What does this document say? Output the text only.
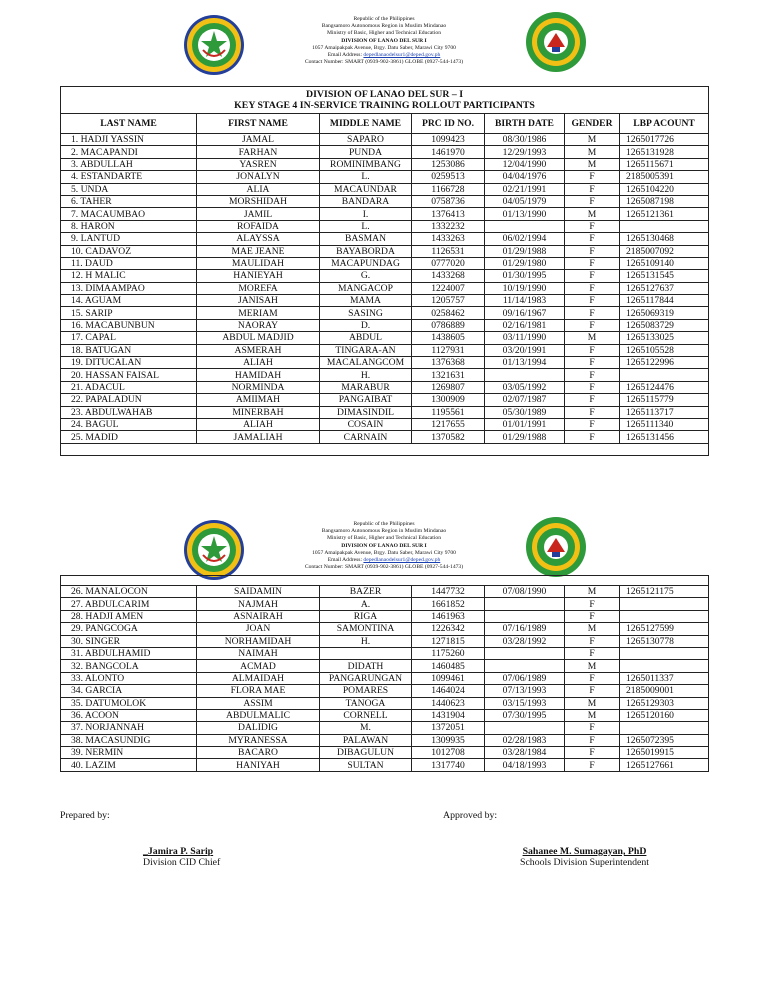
Republic of the Philippines
Bangsamoro Autonomous Region in Muslim Mindanao
Ministry of Basic, Higher and Technical Education
DIVISION OF LANAO DEL SUR I
1057 Amaipakpak Avenue, Brgy. Datu Saber, Marawi City 9700
Email Address: depedlanaodelsur1@deped.gov.ph
Contact Number: SMART (0939-902-3861) GLOBE (0927-544-1473)
DIVISION OF LANAO DEL SUR – I
KEY STAGE 4 IN-SERVICE TRAINING ROLLOUT PARTICIPANTS						

LAST NAME	FIRST NAME	MIDDLE NAME	PRC ID NO.	BIRTH DATE	GENDER	LBP ACOUNT
1. HADJI YASSIN	JAMAL	SAPARO	1099423	08/30/1986	M	1265017726
2. MACAPANDI	FARHAN	PUNDA	1461970	12/29/1993	M	1265131928
3. ABDULLAH	YASREN	ROMINIMBANG	1253086	12/04/1990	M	1265115671
4. ESTANDARTE	JONALYN	L.	0259513	04/04/1976	F	2185005391
5. UNDA	ALIA	MACAUNDAR	1166728	02/21/1991	F	1265104220
6. TAHER	MORSHIDAH	BANDARA	0758736	04/05/1979	F	1265087198
7. MACAUMBAO	JAMIL	I.	1376413	01/13/1990	M	1265121361
8. HARON	ROFAIDA	L.	1332232		F	
9. LANTUD	ALAYSSA	BASMAN	1433263	06/02/1994	F	1265130468
10. CADAVOZ	MAE JEANE	BAYABORDA	1126531	01/29/1988	F	2185007092
11. DAUD	MAULIDAH	MACAPUNDAG	0777020	01/29/1980	F	1265109140
12. H MALIC	HANIEYAH	G.	1433268	01/30/1995	F	1265131545
13. DIMAAMPAO	MOREFA	MANGACOP	1224007	10/19/1990	F	1265127637
14. AGUAM	JANISAH	MAMA	1205757	11/14/1983	F	1265117844
15. SARIP	MERIAM	SASING	0258462	09/16/1967	F	1265069319
16. MACABUNBUN	NAORAY	D.	0786889	02/16/1981	F	1265083729
17. CAPAL	ABDUL MADJID	ABDUL	1438605	03/11/1990	M	1265133025
18. BATUGAN	ASMERAH	TINGARA-AN	1127931	03/20/1991	F	1265105528
19. DITUCALAN	ALIAH	MACALANGCOM	1376368	01/13/1994	F	1265122996
20. HASSAN FAISAL	HAMIDAH	H.	1321631		F	
21. ADACUL	NORMINDA	MARABUR	1269807	03/05/1992	F	1265124476
22. PAPALADUN	AMIIMAH	PANGAIBAT	1300909	02/07/1987	F	1265115779
23. ABDULWAHAB	MINERBAH	DIMASINDIL	1195561	05/30/1989	F	1265113717
24. BAGUL	ALIAH	COSAIN	1217655	01/01/1991	F	1265111340
25. MADID	JAMALIAH	CARNAIN	1370582	01/29/1988	F	1265131456

Republic of the Philippines
Bangsamoro Autonomous Region in Muslim Mindanao
Ministry of Basic, Higher and Technical Education
DIVISION OF LANAO DEL SUR I
1057 Amaipakpak Avenue, Brgy. Datu Saber, Marawi City 9700
Email Address: depedlanaodelsur1@deped.gov.ph
Contact Number: SMART (0939-902-3861) GLOBE (0927-544-1473)

26. MANALOCON	SAIDAMIN	BAZER	1447732	07/08/1990	M	1265121175
27. ABDULCARIM	NAJMAH	A.	1661852		F	
28. HADJI AMEN	ASNAIRAH	RIGA	1461963		F	
29. PANGCOGA	JOAN	SAMONTINA	1226342	07/16/1989	M	1265127599
30. SINGER	NORHAMIDAH	H.	1271815	03/28/1992	F	1265130778
31. ABDULHAMID	NAIMAH		1175260		F	
32. BANGCOLA	ACMAD	DIDATH	1460485		M	
33. ALONTO	ALMAIDAH	PANGARUNGAN	1099461	07/06/1989	F	1265011337
34. GARCIA	FLORA MAE	POMARES	1464024	07/13/1993	F	2185009001
35. DATUMOLOK	ASSIM	TANOGA	1440623	03/15/1993	M	1265129303
36. ACOON	ABDULMALIC	CORNELL	1431904	07/30/1995	M	1265120160
37. NORJANNAH	DALIDIG	M.	1372051		F	
38. MACASUNDIG	MYRANESSA	PALAWAN	1309935	02/28/1983	F	1265072395
39. NERMIN	BACARO	DIBAGULUN	1012708	03/28/1984	F	1265019915
40. LAZIM	HANIYAH	SULTAN	1317740	04/18/1993	F	1265127661
Prepared by:	Approved by:
_Jamira P. Sarip
Division CID Chief
Sahanee M. Sumagayan, PhD
Schools Division Superintendent
